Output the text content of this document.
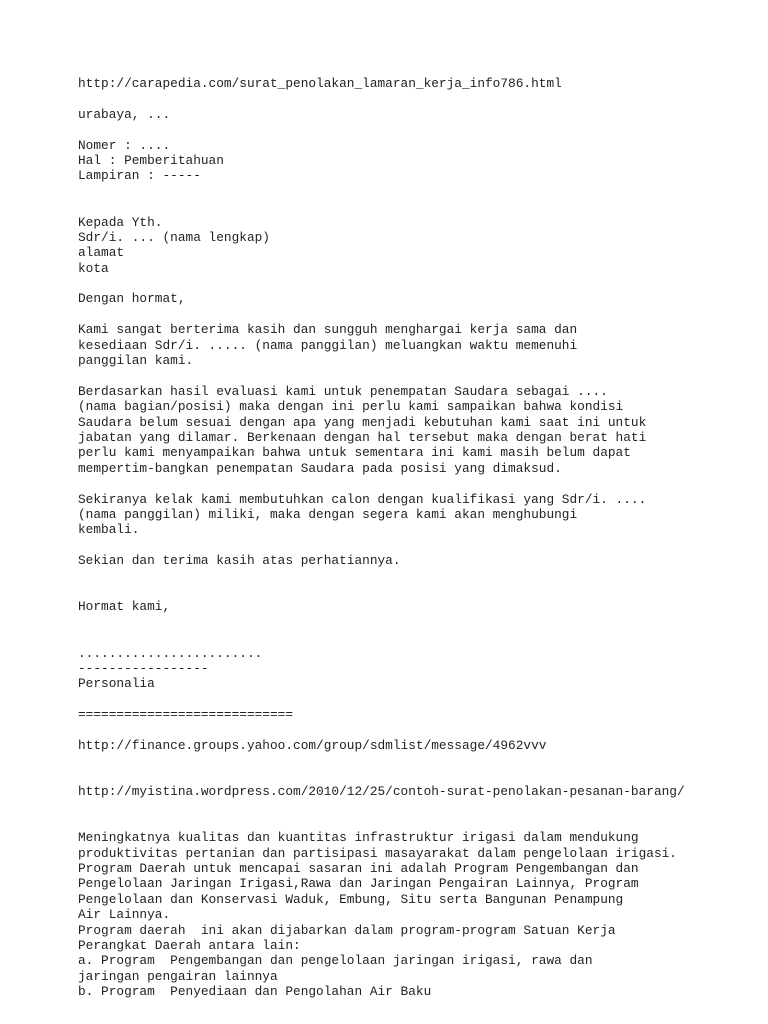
http://carapedia.com/surat_penolakan_lamaran_kerja_info786.html
urabaya, ...
Nomer : ....
Hal : Pemberitahuan
Lampiran : -----
Kepada Yth.
Sdr/i. ... (nama lengkap)
alamat
kota
Dengan hormat,
Kami sangat berterima kasih dan sungguh menghargai kerja sama dan
kesediaan Sdr/i. ..... (nama panggilan) meluangkan waktu memenuhi
panggilan kami.
Berdasarkan hasil evaluasi kami untuk penempatan Saudara sebagai ....
(nama bagian/posisi) maka dengan ini perlu kami sampaikan bahwa kondisi
Saudara belum sesuai dengan apa yang menjadi kebutuhan kami saat ini untuk
jabatan yang dilamar. Berkenaan dengan hal tersebut maka dengan berat hati
perlu kami menyampaikan bahwa untuk sementara ini kami masih belum dapat
mempertim-bangkan penempatan Saudara pada posisi yang dimaksud.
Sekiranya kelak kami membutuhkan calon dengan kualifikasi yang Sdr/i. ....
(nama panggilan) miliki, maka dengan segera kami akan menghubungi
kembali.
Sekian dan terima kasih atas perhatiannya.
Hormat kami,
........................
-----------------
Personalia
============================
http://finance.groups.yahoo.com/group/sdmlist/message/4962vvv
http://myistina.wordpress.com/2010/12/25/contoh-surat-penolakan-pesanan-barang/
Meningkatnya kualitas dan kuantitas infrastruktur irigasi dalam mendukung
produktivitas pertanian dan partisipasi masayarakat dalam pengelolaan irigasi.
Program Daerah untuk mencapai sasaran ini adalah Program Pengembangan dan
Pengelolaan Jaringan Irigasi,Rawa dan Jaringan Pengairan Lainnya, Program
Pengelolaan dan Konservasi Waduk, Embung, Situ serta Bangunan Penampung
Air Lainnya.
Program daerah  ini akan dijabarkan dalam program-program Satuan Kerja
Perangkat Daerah antara lain:
a. Program  Pengembangan dan pengelolaan jaringan irigasi, rawa dan
jaringan pengairan lainnya
b. Program  Penyediaan dan Pengolahan Air Baku
